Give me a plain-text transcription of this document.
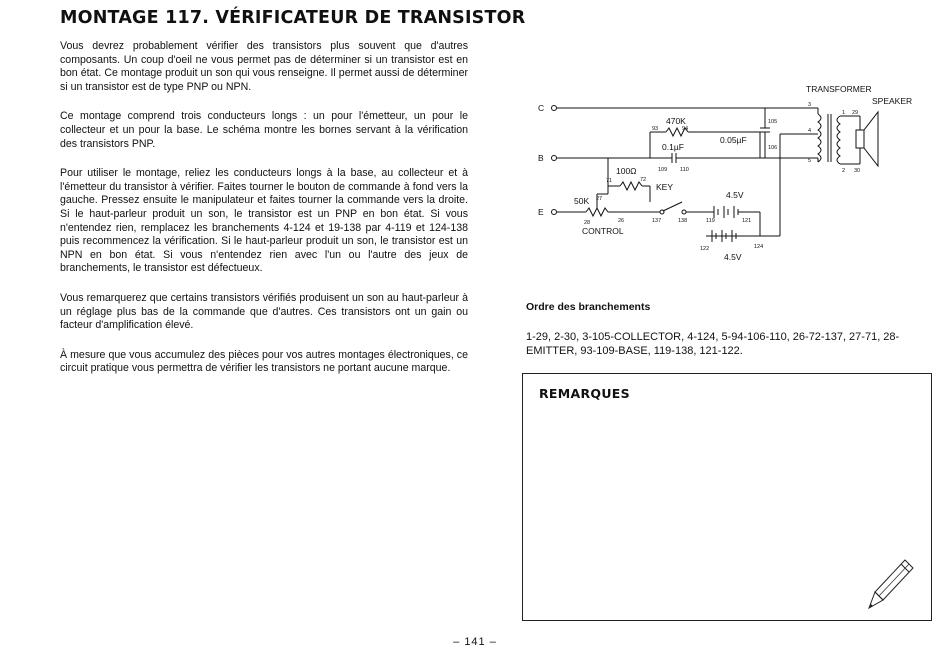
MONTAGE 117. VÉRIFICATEUR DE TRANSISTOR

Vous devrez probablement vérifier des transistors plus souvent que d'autres composants. Un coup d'oeil ne vous permet pas de déterminer si un transistor est en bon état. Ce montage produit un son qui vous renseigne. Il permet aussi de déterminer si un transistor est de type PNP ou NPN.

Ce montage comprend trois conducteurs longs : un pour l'émetteur, un pour le collecteur et un pour la base. Le schéma montre les bornes servant à la vérification des transistors PNP.

Pour utiliser le montage, reliez les conducteurs longs à la base, au collecteur et à l'émetteur du transistor à vérifier. Faites tourner le bouton de commande à fond vers la gauche. Pressez ensuite le manipulateur et faites tourner la commande vers la droite. Si le haut-parleur produit un son, le transistor est un PNP en bon état. Si vous n'entendez rien, remplacez les branchements 4-124 et 19-138 par 4-119 et 124-138 puis recommencez la vérification. Si le haut-parleur produit un son, le transistor est un NPN en bon état. Si vous n'entendez rien avec l'un ou l'autre des jeux de branchements, le transistor est défectueux.

Vous remarquerez que certains transistors vérifiés produisent un son au haut-parleur à un réglage plus bas de la commande que d'autres. Ces transistors ont un gain ou facteur d'amplification élevé.

À mesure que vous accumulez des pièces pour vos autres montages électroniques, ce circuit pratique vous permettra de vérifier les transistors ne portant aucune marque.

C
B
E
470K
93	94
0.1µF
109 110
0.05µF
105
106
TRANSFORMER
3
4
5
1 29
2 30
SPEAKER
100Ω
71	72
50K 27
28	26
CONTROL
KEY
137	138
4.5V
119	121
122	124
4.5V
Ordre des branchements

1-29, 2-30, 3-105-COLLECTOR, 4-124, 5-94-106-110, 26-72-137, 27-71, 28-EMITTER, 93-109-BASE, 119-138, 121-122.

REMARQUES
– 141 –
